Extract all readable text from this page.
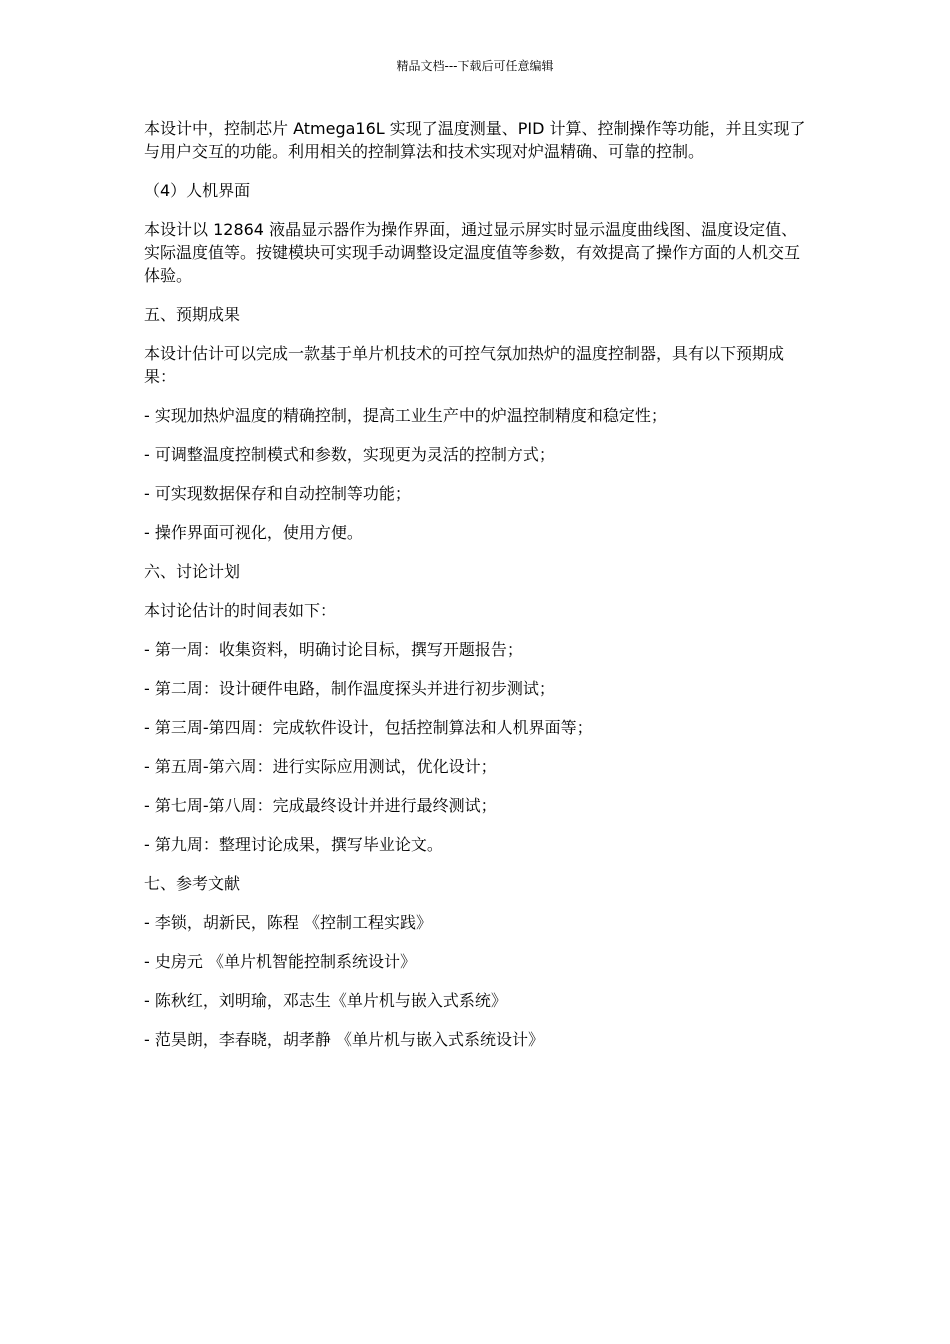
精品文档---下载后可任意编辑

本设计中，控制芯片 Atmega16L 实现了温度测量、PID 计算、控制操作等功能，并且实现了与用户交互的功能。利用相关的控制算法和技术实现对炉温精确、可靠的控制。

（4）人机界面

本设计以 12864 液晶显示器作为操作界面，通过显示屏实时显示温度曲线图、温度设定值、实际温度值等。按键模块可实现手动调整设定温度值等参数，有效提高了操作方面的人机交互体验。

五、预期成果

本设计估计可以完成一款基于单片机技术的可控气氛加热炉的温度控制器，具有以下预期成果：

- 实现加热炉温度的精确控制，提高工业生产中的炉温控制精度和稳定性；

- 可调整温度控制模式和参数，实现更为灵活的控制方式；

- 可实现数据保存和自动控制等功能；

- 操作界面可视化，使用方便。

六、讨论计划

本讨论估计的时间表如下：

- 第一周：收集资料，明确讨论目标，撰写开题报告；

- 第二周：设计硬件电路，制作温度探头并进行初步测试；

- 第三周-第四周：完成软件设计，包括控制算法和人机界面等；

- 第五周-第六周：进行实际应用测试，优化设计；

- 第七周-第八周：完成最终设计并进行最终测试；

- 第九周：整理讨论成果，撰写毕业论文。

七、参考文献

- 李锁，胡新民，陈程 《控制工程实践》

- 史房元 《单片机智能控制系统设计》

- 陈秋红，刘明瑜，邓志生《单片机与嵌入式系统》

- 范昊朗，李春晓，胡孝静 《单片机与嵌入式系统设计》
